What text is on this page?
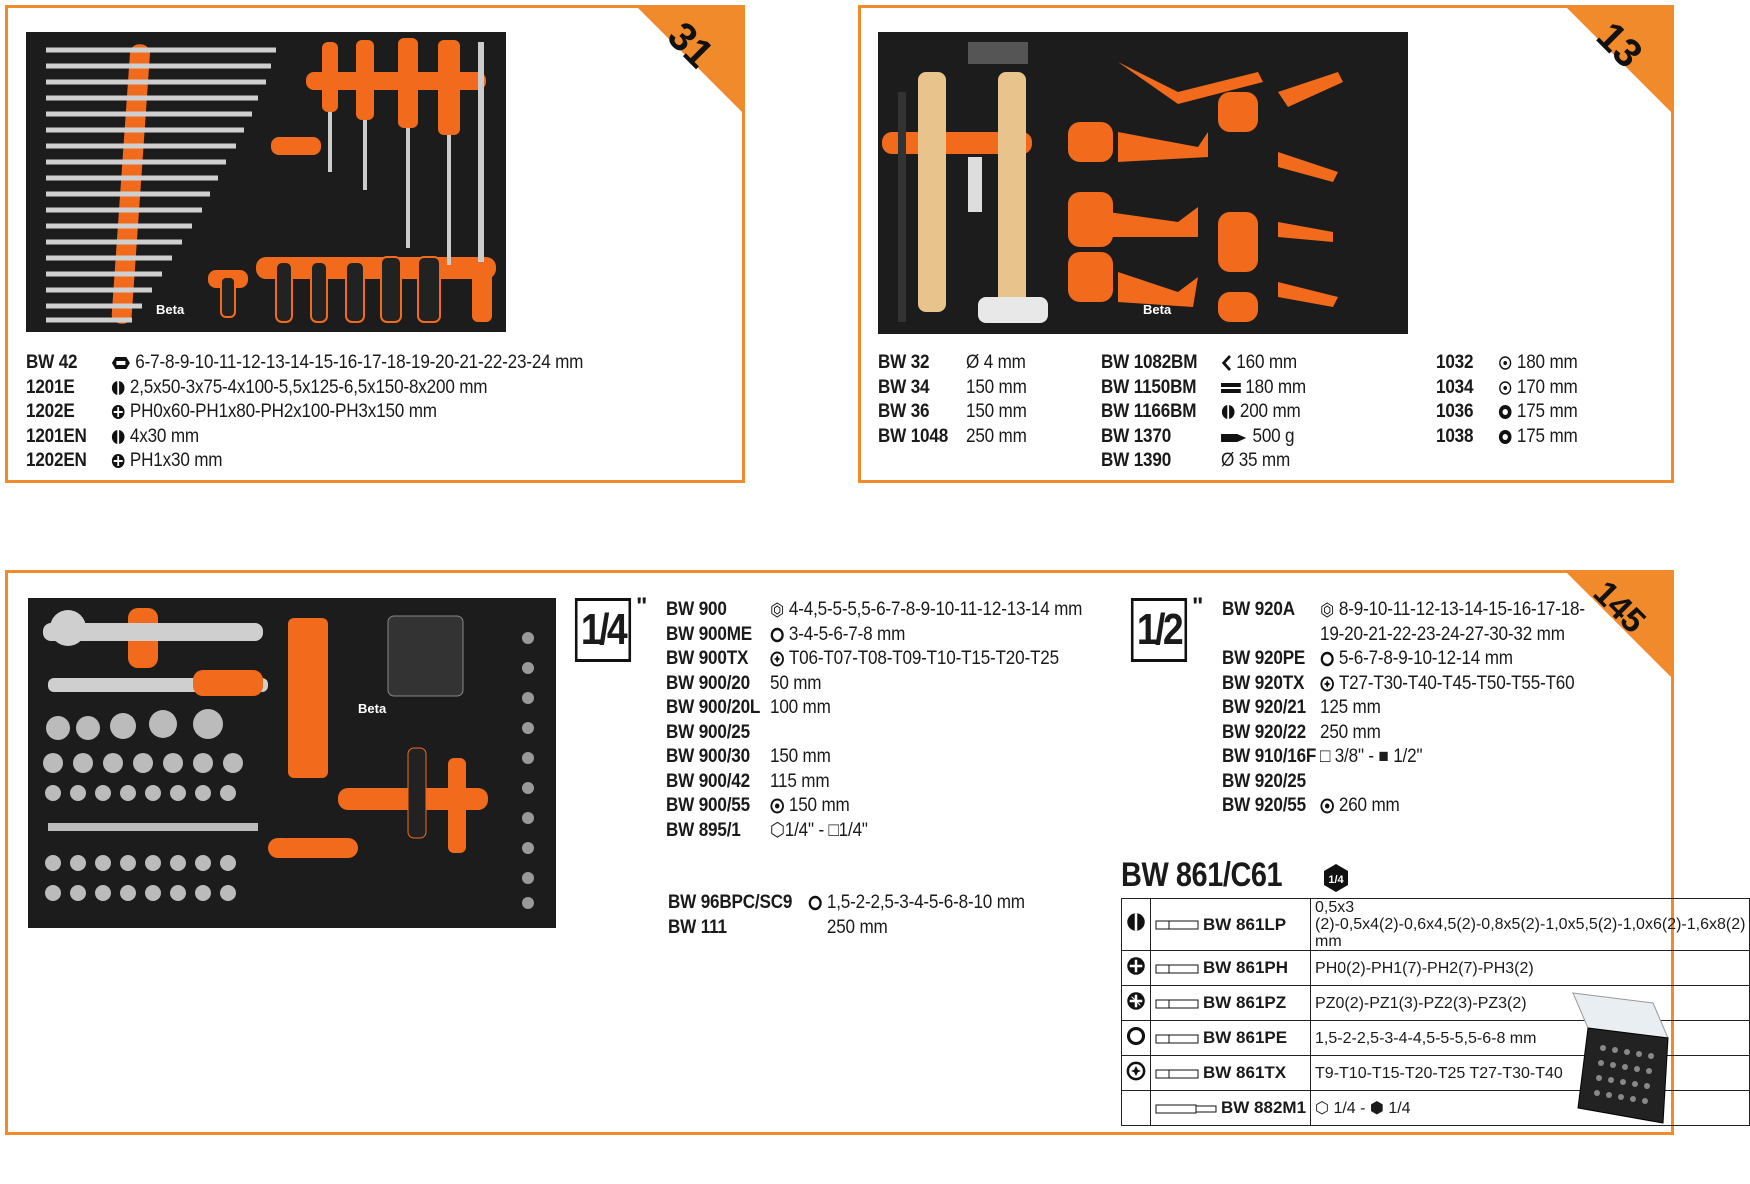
31
Beta
BW 42	6-7-8-9-10-11-12-13-14-15-16-17-18-19-20-21-22-23-24 mm
1201E	2,5x50-3x75-4x100-5,5x125-6,5x150-8x200 mm
1202E	PH0x60-PH1x80-PH2x100-PH3x150 mm
1201EN	4x30 mm
1202EN	PH1x30 mm
13
Beta
BW 32	Ø 4 mm
BW 34	150 mm
BW 36	150 mm
BW 1048 250 mm
BW 1082BM	160 mm
BW 1150BM	180 mm
BW 1166BM	200 mm
BW 1370	500 g
BW 1390	Ø 35 mm
1032	180 mm
1034	170 mm
1036	175 mm
1038	175 mm
145
Beta
1/4 " BW 900	4-4,5-5-5,5-6-7-8-9-10-11-12-13-14 mm
BW 900ME	3-4-5-6-7-8 mm
BW 900TX	T06-T07-T08-T09-T10-T15-T20-T25
BW 900/20	50 mm
BW 900/20L 100 mm
BW 900/25
BW 900/30	150 mm
BW 900/42	115 mm
BW 900/55	150 mm
BW 895/1	⬡1/4" - □1/4"
BW 96BPC/SC9 1,5-2-2,5-3-4-5-6-8-10 mm
BW 111	250 mm
1/2 " BW 920A	8-9-10-11-12-13-14-15-16-17-18-
19-20-21-22-23-24-27-30-32 mm
BW 920PE 5-6-7-8-9-10-12-14 mm
BW 920TX	T27-T30-T40-T45-T50-T55-T60
BW 920/21 125 mm
BW 920/22 250 mm
BW 910/16F □ 3/8" - ■ 1/2"
BW 920/25
BW 920/55 260 mm
BW 861/C61	1/4
	BW 861LP	0,5x3 (2)-0,5x4(2)-0,6x4,5(2)-0,8x5(2)-1,0x5,5(2)-1,0x6(2)-1,6x8(2) mm
	BW 861PH	PH0(2)-PH1(7)-PH2(7)-PH3(2)
	BW 861PZ	PZ0(2)-PZ1(3)-PZ2(3)-PZ3(2)
	BW 861PE	1,5-2-2,5-3-4-4,5-5-5,5-6-8 mm
	BW 861TX	T9-T10-T15-T20-T25 T27-T30-T40
	BW 882M1	⬡ 1/4 - ⬢ 1/4
